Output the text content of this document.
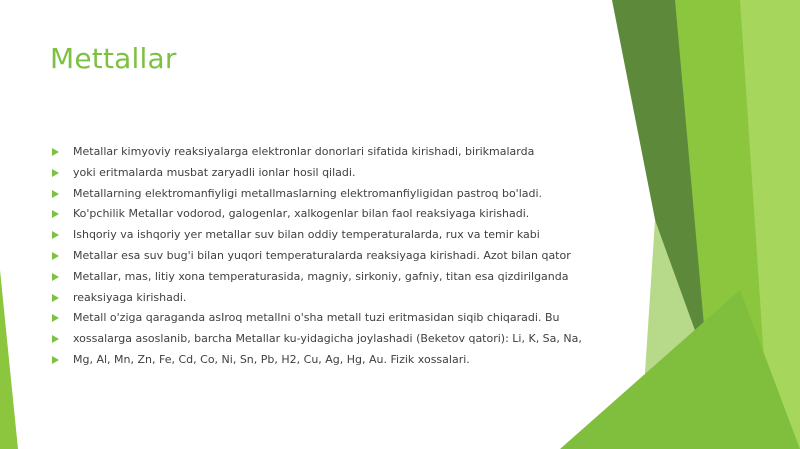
Mettallar
Metallar kimyoviy reaksiyalarga elektronlar donorlari sifatida kirishadi, birikmalarda
yoki eritmalarda musbat zaryadli ionlar hosil qiladi.
Metallarning elektromanfiyligi metallmaslarning elektromanfiyligidan pastroq bo'ladi.
Ko'pchilik Metallar vodorod, galogenlar, xalkogenlar bilan faol reaksiyaga kirishadi.
Ishqoriy va ishqoriy yer metallar suv bilan oddiy temperaturalarda, rux va temir kabi
Metallar esa suv bug'i bilan yuqori temperaturalarda reaksiyaga kirishadi. Azot bilan qator
Metallar, mas, litiy xona temperaturasida, magniy, sirkoniy, gafniy, titan esa qizdirilganda
reaksiyaga kirishadi.
Metall o'ziga qaraganda asIroq metallni o'sha metall tuzi eritmasidan siqib chiqaradi. Bu
xossalarga asoslanib, barcha Metallar ku-yidagicha joylashadi (Beketov qatori): Li, K, Sa, Na,
Mg, Al, Mn, Zn, Fe, Cd, Co, Ni, Sn, Pb, H2, Cu, Ag, Hg, Au. Fizik xossalari.
